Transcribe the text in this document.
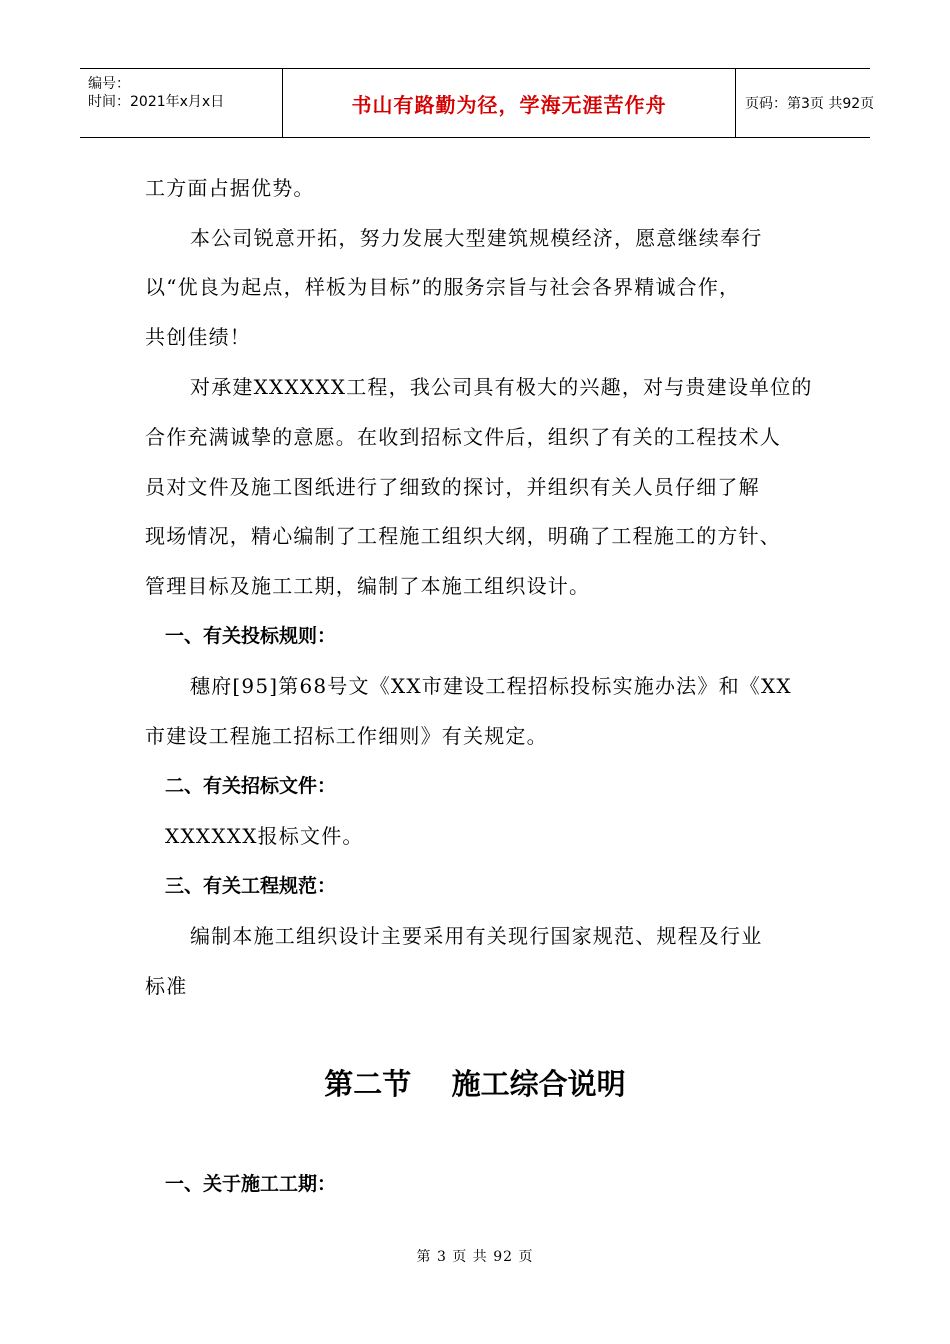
编号：
时间：2021年x月x日	书山有路勤为径，学海无涯苦作舟	页码：第3页 共92页
工方面占据优势。
本公司锐意开拓，努力发展大型建筑规模经济，愿意继续奉行
以“优良为起点，样板为目标”的服务宗旨与社会各界精诚合作，
共创佳绩！
对承建XXXXXX工程，我公司具有极大的兴趣，对与贵建设单位的
合作充满诚挚的意愿。在收到招标文件后，组织了有关的工程技术人
员对文件及施工图纸进行了细致的探讨，并组织有关人员仔细了解
现场情况，精心编制了工程施工组织大纲，明确了工程施工的方针、
管理目标及施工工期，编制了本施工组织设计。
一、有关投标规则：
穗府[95]第68号文《XX市建设工程招标投标实施办法》和《XX
市建设工程施工招标工作细则》有关规定。
二、有关招标文件：
XXXXXX报标文件。
三、有关工程规范：
编制本施工组织设计主要采用有关现行国家规范、规程及行业
标准
第二节    施工综合说明
一、关于施工工期：
第 3 页 共 92 页
